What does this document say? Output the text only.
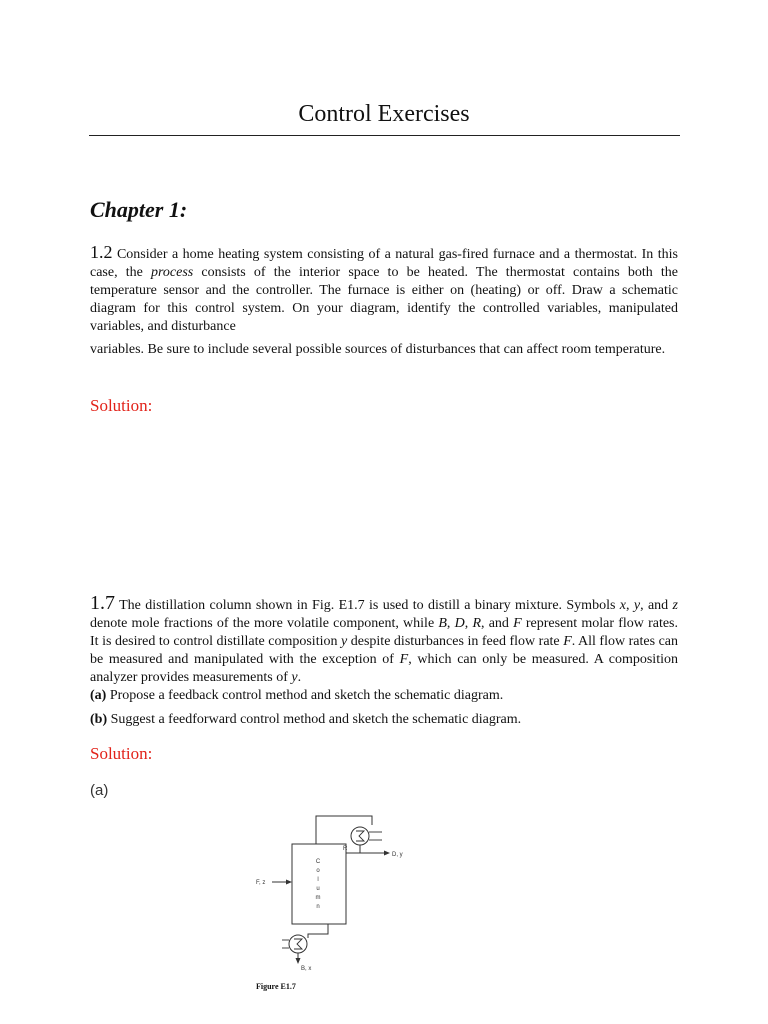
Control Exercises
Chapter 1:

1.2 Consider a home heating system consisting of a natural gas-fired furnace and a thermostat. In this case, the process consists of the interior space to be heated. The thermostat contains both the temperature sensor and the controller. The furnace is either on (heating) or off. Draw a schematic diagram for this control system. On your diagram, identify the controlled variables, manipulated variables, and disturbance

variables. Be sure to include several possible sources of disturbances that can affect room temperature.

Solution:

1.7 The distillation column shown in Fig. E1.7 is used to distill a binary mixture. Symbols x, y, and z denote mole fractions of the more volatile component, while B, D, R, and F represent molar flow rates. It is desired to control distillate composition y despite disturbances in feed flow rate F. All flow rates can be measured and manipulated with the exception of F, which can only be measured. A composition analyzer provides measurements of y.
(a) Propose a feedback control method and sketch the schematic diagram.

(b) Suggest a feedforward control method and sketch the schematic diagram.

Solution:

(a)

C
o
l
u
m
n
R
D, y
F, z
B, x
Figure E1.7
